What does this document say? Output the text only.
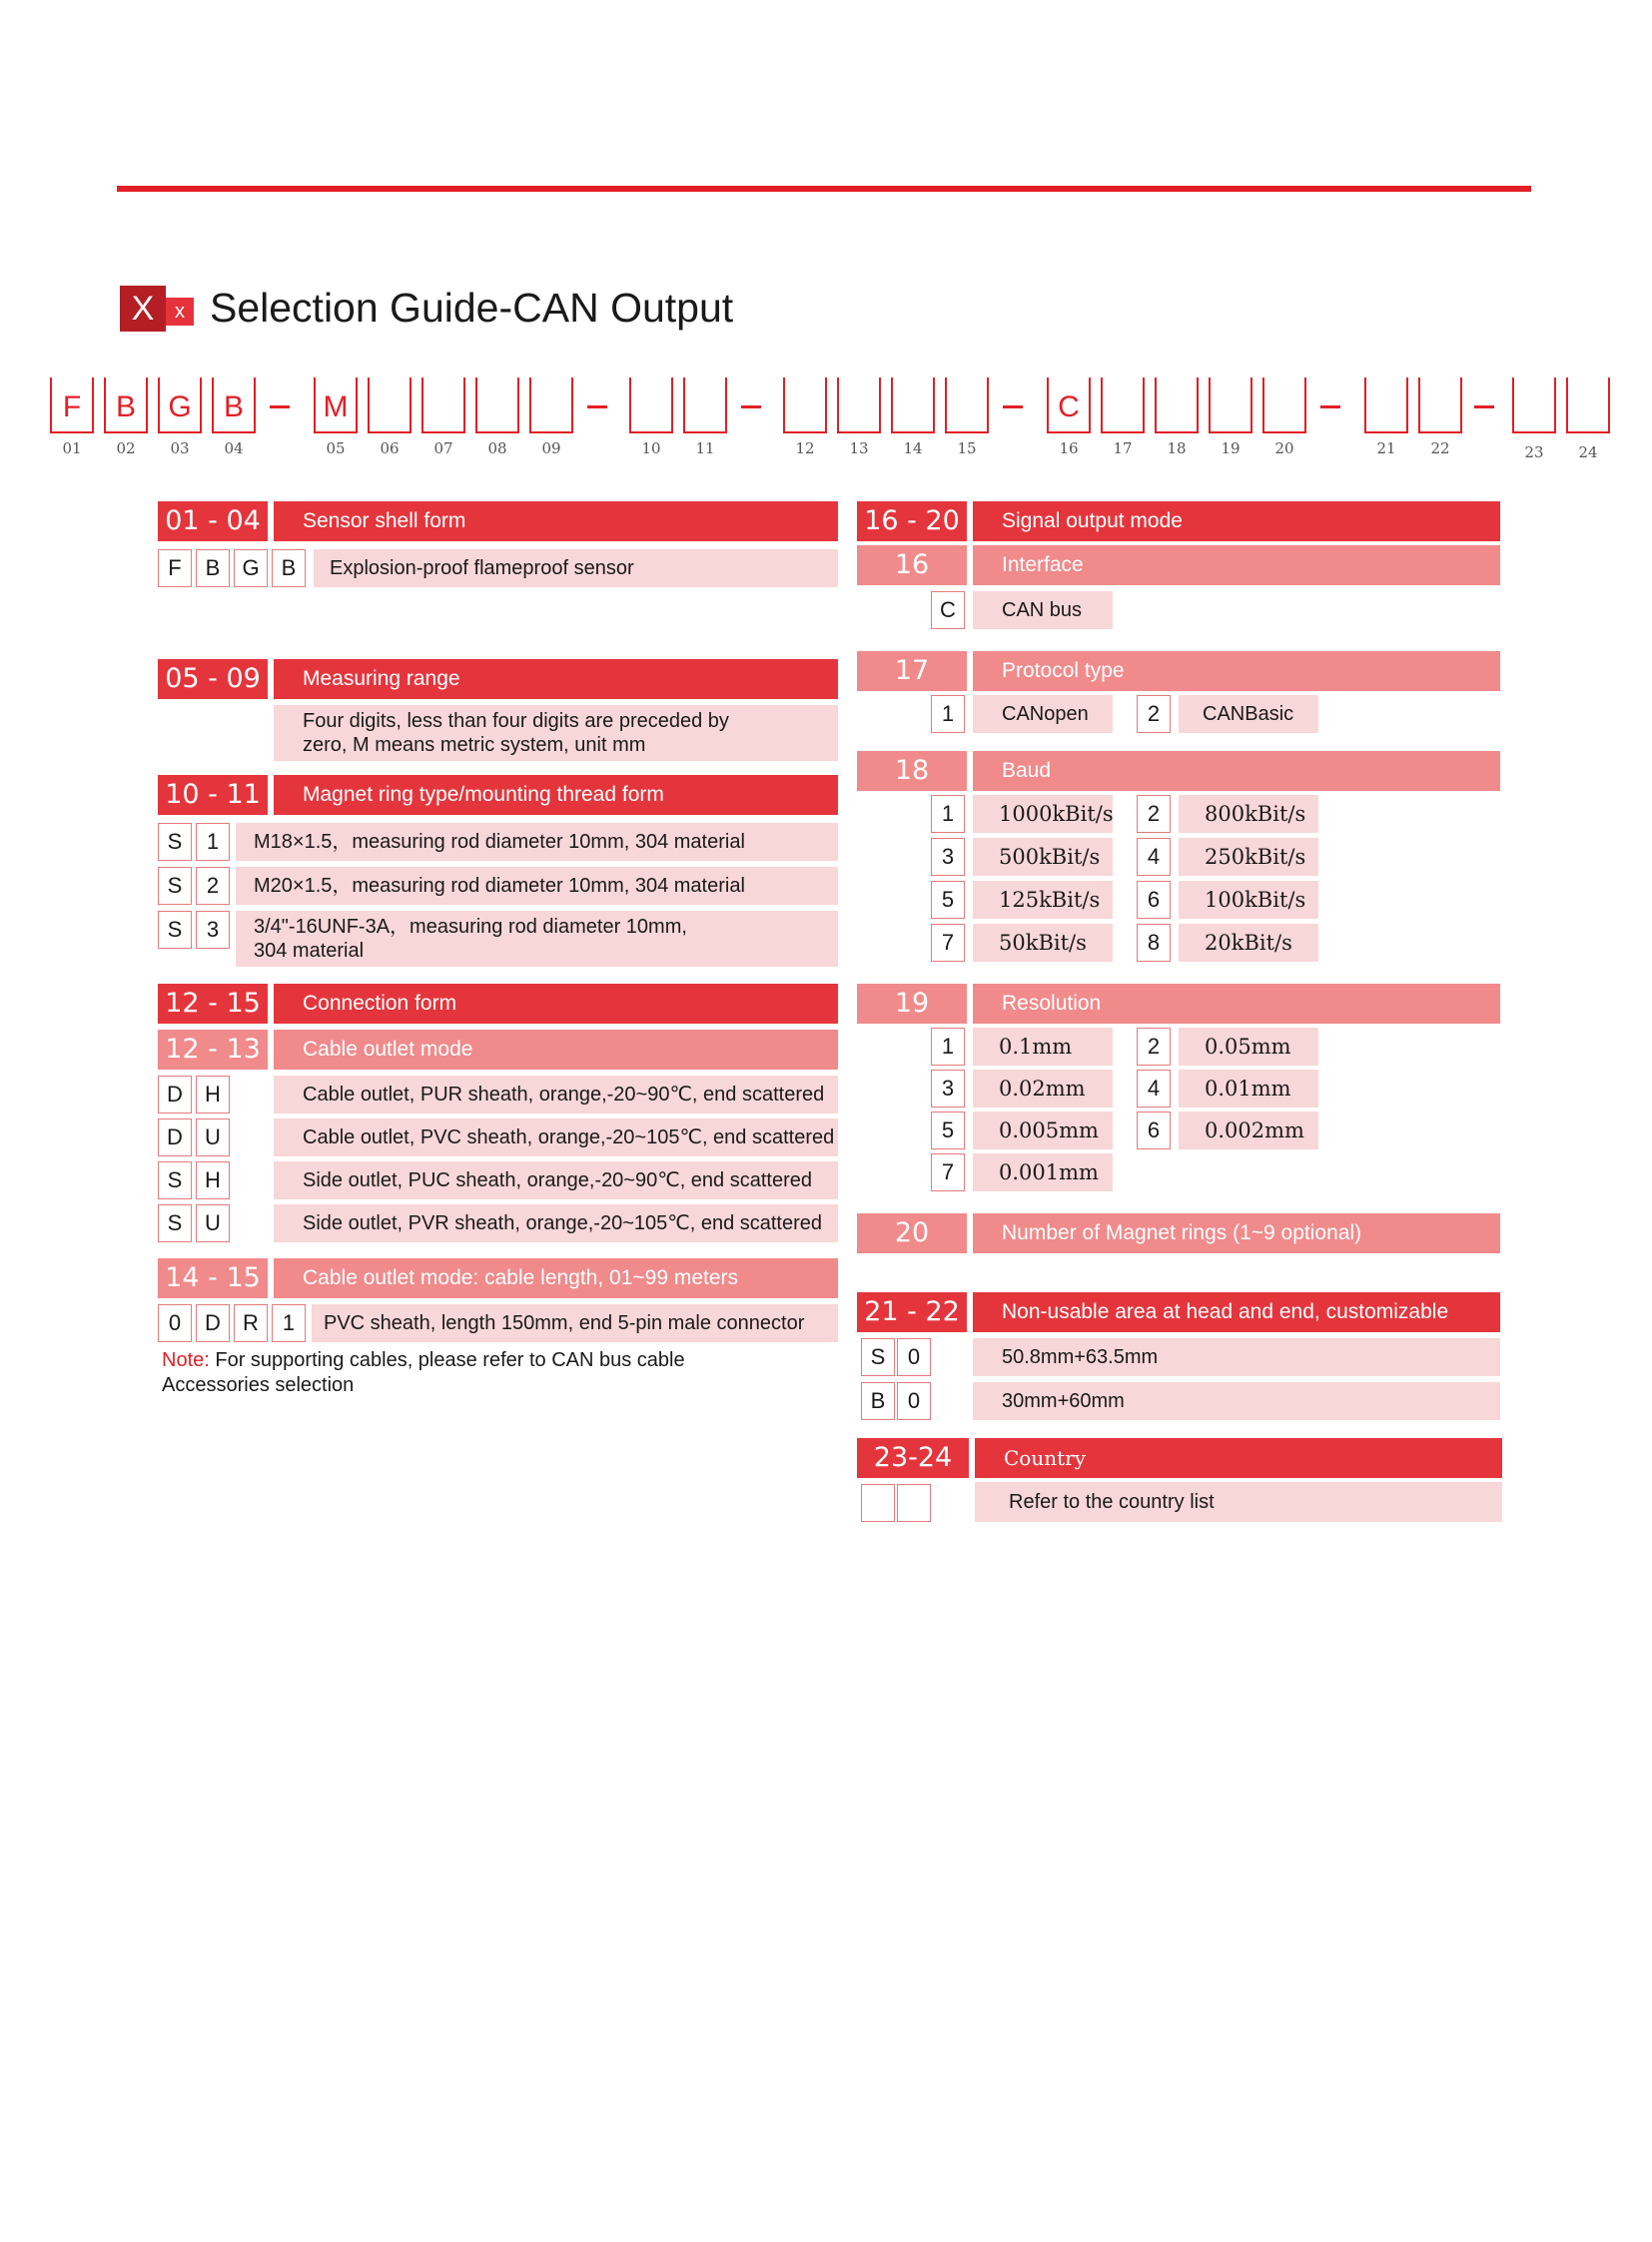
X	x Selection Guide-CAN Output
F
01
B
02
G
03
B
04
M
05	06	07	08	09	10	11	12	13	14	15
C
16	17	18	19	20	21	22	23	24
01 - 04	Sensor shell form
F	B	G	B	Explosion-proof flameproof sensor
05 - 09	Measuring range
Four digits, less than four digits are preceded by
zero, M means metric system, unit mm
10 - 11	Magnet ring type/mounting thread form
S	1	M18×1.5，measuring rod diameter 10mm, 304 material
S	2	M20×1.5，measuring rod diameter 10mm, 304 material
S	3	3/4"-16UNF-3A，measuring rod diameter 10mm,
304 material
12 - 15	Connection form
12 - 13	Cable outlet mode
D	H	Cable outlet, PUR sheath, orange,-20~90℃, end scattered
D	U	Cable outlet, PVC sheath, orange,-20~105℃, end scattered
S	H	Side outlet, PUC sheath, orange,-20~90℃, end scattered
S	U	Side outlet, PVR sheath, orange,-20~105℃, end scattered
14 - 15	Cable outlet mode: cable length, 01~99 meters
0	D	R	1	PVC sheath, length 150mm, end 5-pin male connector
Note: For supporting cables, please refer to CAN bus cable
Accessories selection
16 - 20	Signal output mode
16	Interface
C	CAN bus
17	Protocol type
1	CANopen	2	CANBasic
18	Baud
1	1000kBit/s	2	800kBit/s
3	500kBit/s	4	250kBit/s
5	125kBit/s	6	100kBit/s
7	50kBit/s	8	20kBit/s
19	Resolution
1	0.1mm	2	0.05mm
3	0.02mm	4	0.01mm
5	0.005mm	6	0.002mm
7	0.001mm
20	Number of Magnet rings (1~9 optional)
21 - 22	Non-usable area at head and end, customizable
S	0	50.8mm+63.5mm
B	0	30mm+60mm
23-24	Country
Refer to the country list
